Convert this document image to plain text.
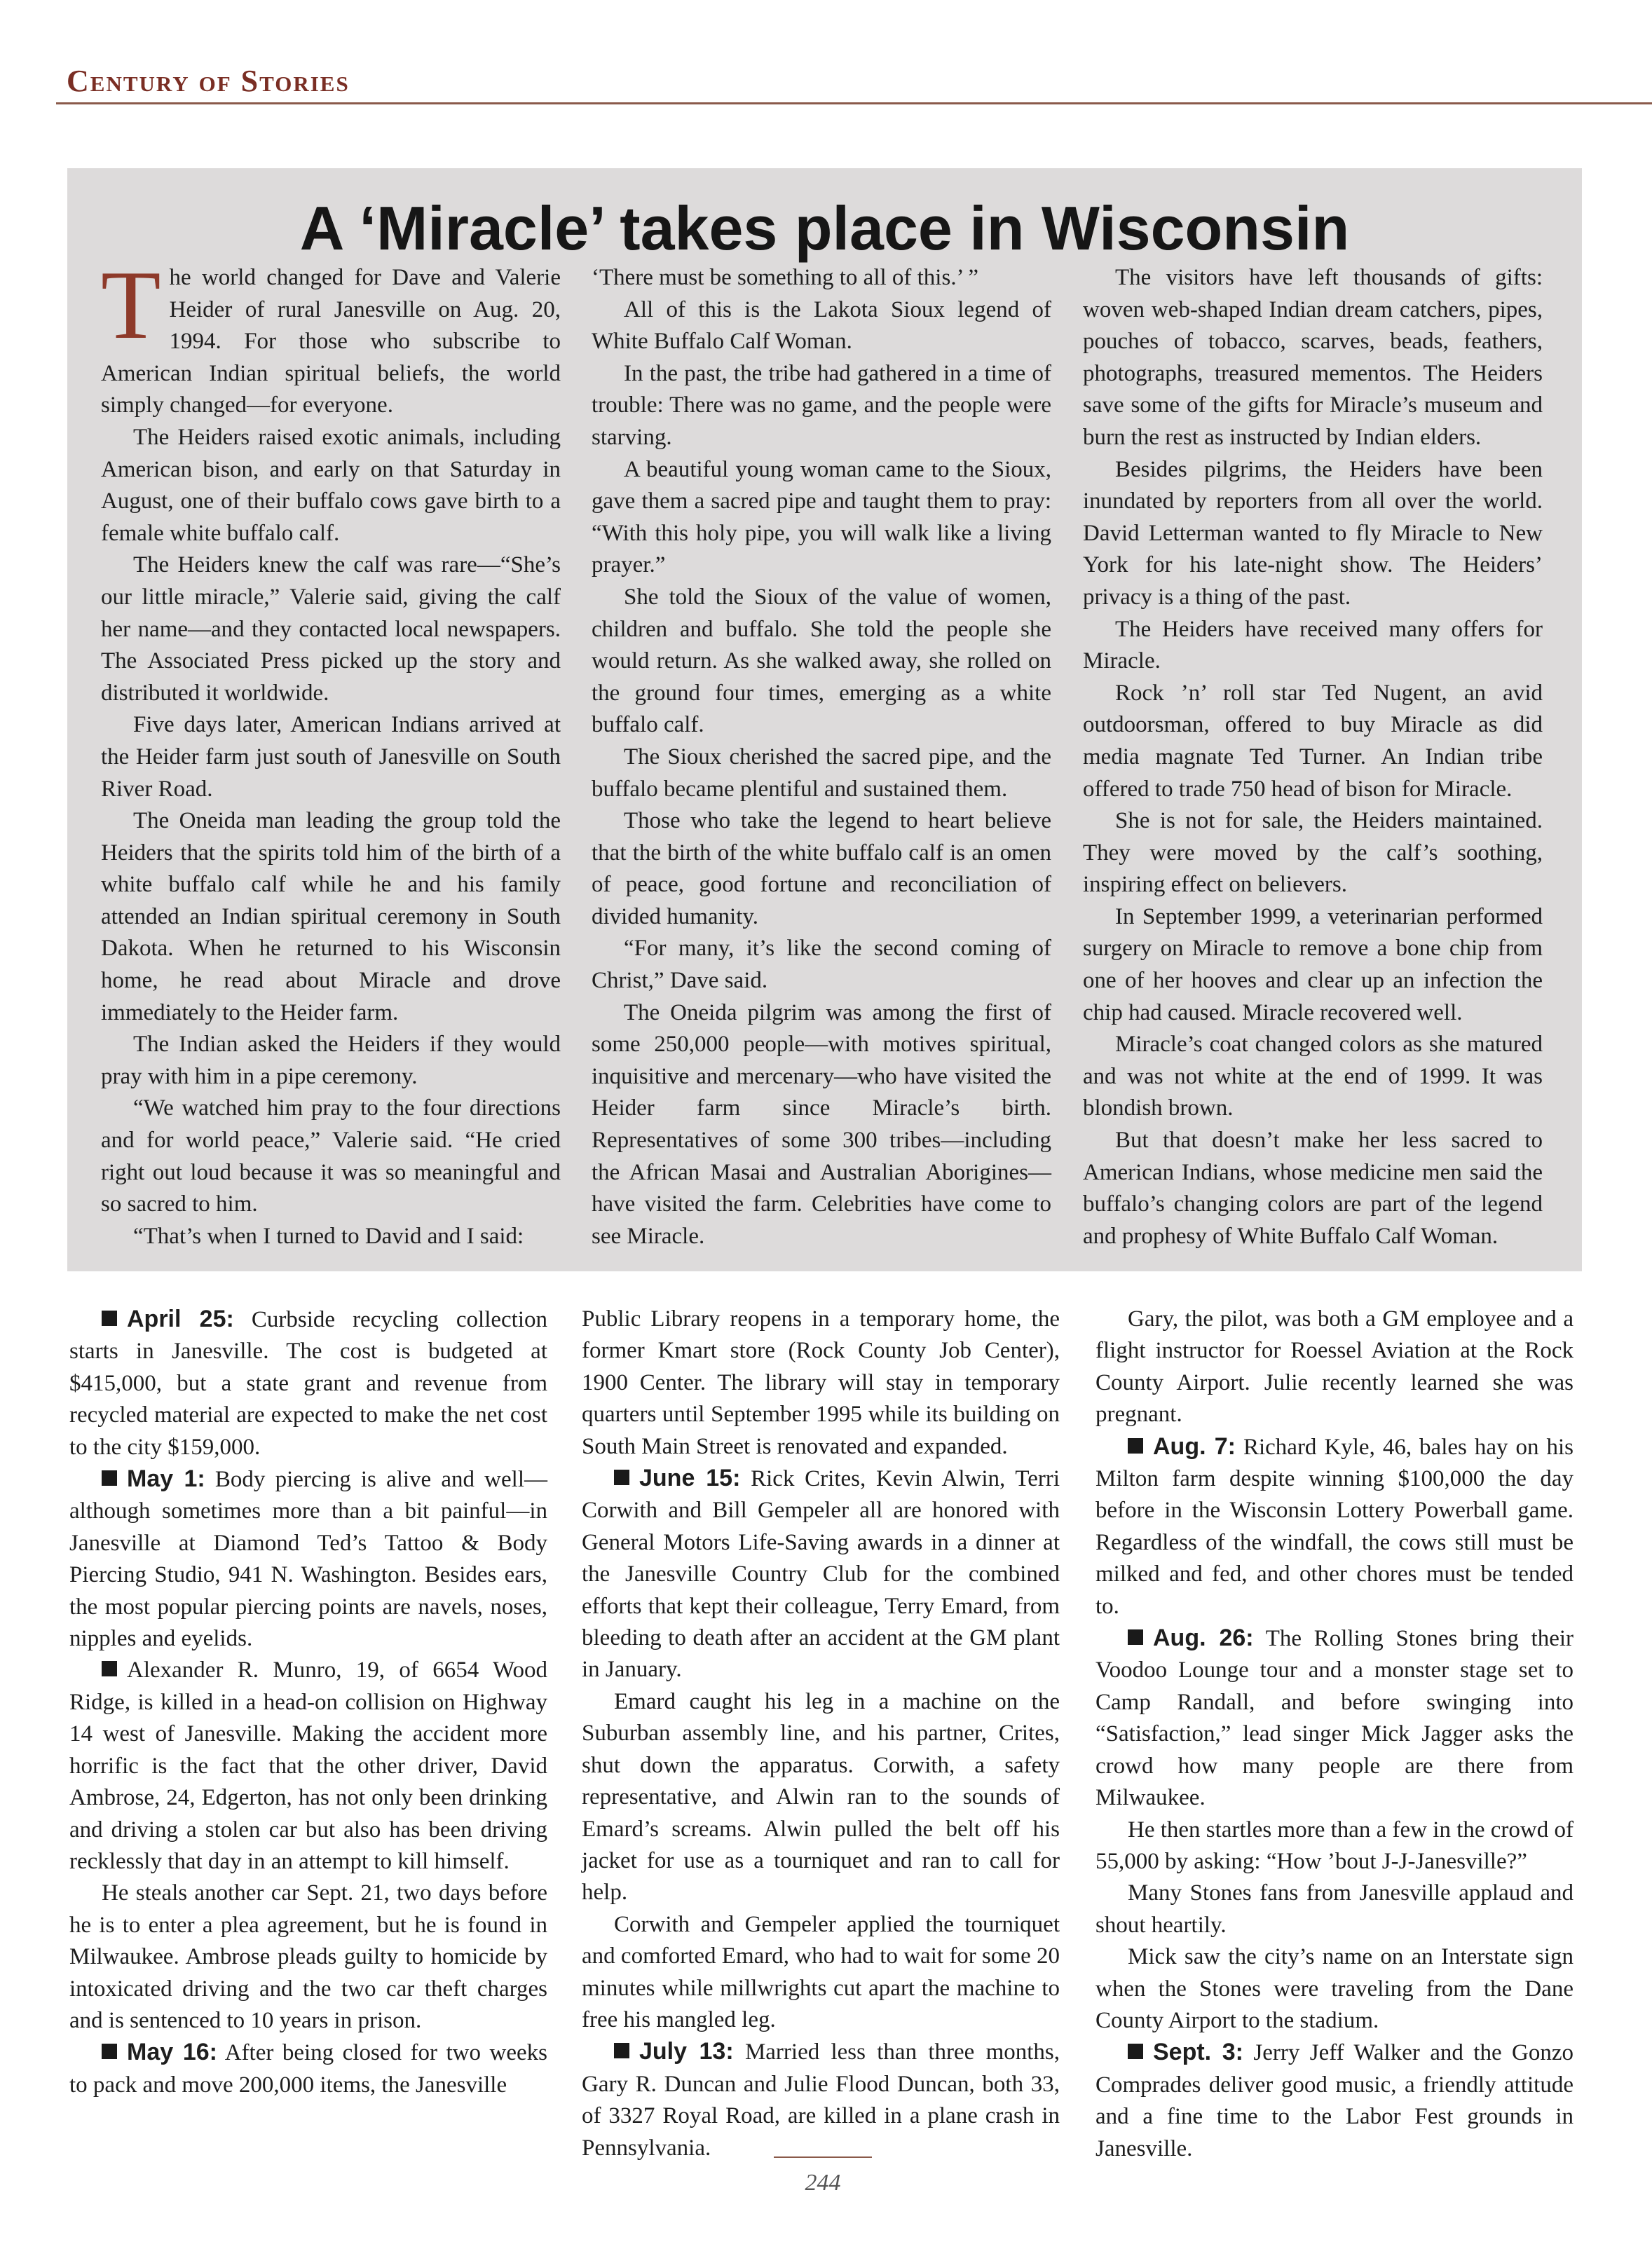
Century of Stories
A ‘Miracle’ takes place in Wisconsin

The world changed for Dave and Valerie Heider of rural Janesville on Aug. 20, 1994. For those who subscribe to American Indian spiritual beliefs, the world simply changed—for everyone.

The Heiders raised exotic animals, including American bison, and early on that Saturday in August, one of their buffalo cows gave birth to a female white buffalo calf.

The Heiders knew the calf was rare—“She’s our little miracle,” Valerie said, giving the calf her name—and they contacted local newspapers. The Associated Press picked up the story and distributed it worldwide.

Five days later, American Indians arrived at the Heider farm just south of Janesville on South River Road.

The Oneida man leading the group told the Heiders that the spirits told him of the birth of a white buffalo calf while he and his family attended an Indian spiritual ceremony in South Dakota. When he returned to his Wisconsin home, he read about Miracle and drove immediately to the Heider farm.

The Indian asked the Heiders if they would pray with him in a pipe ceremony.

“We watched him pray to the four directions and for world peace,” Valerie said. “He cried right out loud because it was so meaningful and so sacred to him.

“That’s when I turned to David and I said:

‘There must be something to all of this.’ ”

All of this is the Lakota Sioux legend of White Buffalo Calf Woman.

In the past, the tribe had gathered in a time of trouble: There was no game, and the people were starving.

A beautiful young woman came to the Sioux, gave them a sacred pipe and taught them to pray: “With this holy pipe, you will walk like a living prayer.”

She told the Sioux of the value of women, children and buffalo. She told the people she would return. As she walked away, she rolled on the ground four times, emerging as a white buffalo calf.

The Sioux cherished the sacred pipe, and the buffalo became plentiful and sustained them.

Those who take the legend to heart believe that the birth of the white buffalo calf is an omen of peace, good fortune and reconciliation of divided humanity.

“For many, it’s like the second coming of Christ,” Dave said.

The Oneida pilgrim was among the first of some 250,000 people—with motives spiritual, inquisitive and mercenary—who have visited the Heider farm since Miracle’s birth. Representatives of some 300 tribes—including the African Masai and Australian Aborigines—have visited the farm. Celebrities have come to see Miracle.

The visitors have left thousands of gifts: woven web-shaped Indian dream catchers, pipes, pouches of tobacco, scarves, beads, feathers, photographs, treasured mementos. The Heiders save some of the gifts for Miracle’s museum and burn the rest as instructed by Indian elders.

Besides pilgrims, the Heiders have been inundated by reporters from all over the world. David Letterman wanted to fly Miracle to New York for his late-night show. The Heiders’ privacy is a thing of the past.

The Heiders have received many offers for Miracle.

Rock ’n’ roll star Ted Nugent, an avid outdoorsman, offered to buy Miracle as did media magnate Ted Turner. An Indian tribe offered to trade 750 head of bison for Miracle.

She is not for sale, the Heiders maintained. They were moved by the calf’s soothing, inspiring effect on believers.

In September 1999, a veterinarian performed surgery on Miracle to remove a bone chip from one of her hooves and clear up an infection the chip had caused. Miracle recovered well.

Miracle’s coat changed colors as she matured and was not white at the end of 1999. It was blondish brown.

But that doesn’t make her less sacred to American Indians, whose medicine men said the buffalo’s changing colors are part of the legend and prophesy of White Buffalo Calf Woman.

April 25: Curbside recycling collection starts in Janesville. The cost is budgeted at $415,000, but a state grant and revenue from recycled material are expected to make the net cost to the city $159,000.

May 1: Body piercing is alive and well—although sometimes more than a bit painful—in Janesville at Diamond Ted’s Tattoo & Body Piercing Studio, 941 N. Washington. Besides ears, the most popular piercing points are navels, noses, nipples and eyelids.

Alexander R. Munro, 19, of 6654 Wood Ridge, is killed in a head-on collision on Highway 14 west of Janesville. Making the accident more horrific is the fact that the other driver, David Ambrose, 24, Edgerton, has not only been drinking and driving a stolen car but also has been driving recklessly that day in an attempt to kill himself.

He steals another car Sept. 21, two days before he is to enter a plea agreement, but he is found in Milwaukee. Ambrose pleads guilty to homicide by intoxicated driving and the two car theft charges and is sentenced to 10 years in prison.

May 16: After being closed for two weeks to pack and move 200,000 items, the Janesville

Public Library reopens in a temporary home, the former Kmart store (Rock County Job Center), 1900 Center. The library will stay in temporary quarters until September 1995 while its building on South Main Street is renovated and expanded.

June 15: Rick Crites, Kevin Alwin, Terri Corwith and Bill Gempeler all are honored with General Motors Life-Saving awards in a dinner at the Janesville Country Club for the combined efforts that kept their colleague, Terry Emard, from bleeding to death after an accident at the GM plant in January.

Emard caught his leg in a machine on the Suburban assembly line, and his partner, Crites, shut down the apparatus. Corwith, a safety representative, and Alwin ran to the sounds of Emard’s screams. Alwin pulled the belt off his jacket for use as a tourniquet and ran to call for help.

Corwith and Gempeler applied the tourniquet and comforted Emard, who had to wait for some 20 minutes while millwrights cut apart the machine to free his mangled leg.

July 13: Married less than three months, Gary R. Duncan and Julie Flood Duncan, both 33, of 3327 Royal Road, are killed in a plane crash in Pennsylvania.

Gary, the pilot, was both a GM employee and a flight instructor for Roessel Aviation at the Rock County Airport. Julie recently learned she was pregnant.

Aug. 7: Richard Kyle, 46, bales hay on his Milton farm despite winning $100,000 the day before in the Wisconsin Lottery Powerball game. Regardless of the windfall, the cows still must be milked and fed, and other chores must be tended to.

Aug. 26: The Rolling Stones bring their Voodoo Lounge tour and a monster stage set to Camp Randall, and before swinging into “Satisfaction,” lead singer Mick Jagger asks the crowd how many people are there from Milwaukee.

He then startles more than a few in the crowd of 55,000 by asking: “How ’bout J-J-Janesville?”

Many Stones fans from Janesville applaud and shout heartily.

Mick saw the city’s name on an Interstate sign when the Stones were traveling from the Dane County Airport to the stadium.

Sept. 3: Jerry Jeff Walker and the Gonzo Comprades deliver good music, a friendly attitude and a fine time to the Labor Fest grounds in Janesville.

244
